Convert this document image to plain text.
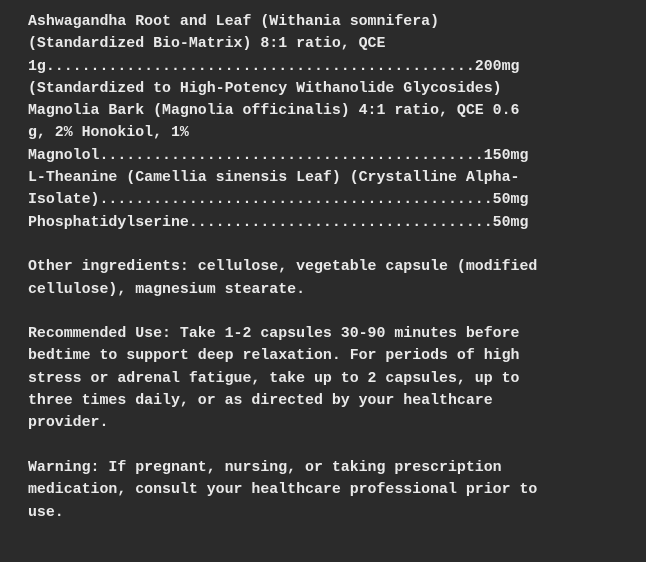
Ashwagandha Root and Leaf (Withania somnifera)
(Standardized Bio-Matrix) 8:1 ratio, QCE
1g................................................200mg
(Standardized to High-Potency Withanolide Glycosides)
Magnolia Bark (Magnolia officinalis) 4:1 ratio, QCE 0.6
g, 2% Honokiol, 1%
Magnolol...........................................150mg
L-Theanine (Camellia sinensis Leaf) (Crystalline Alpha-
Isolate)............................................50mg
Phosphatidylserine..................................50mg
Other ingredients: cellulose, vegetable capsule (modified
cellulose), magnesium stearate.
Recommended Use: Take 1-2 capsules 30-90 minutes before
bedtime to support deep relaxation. For periods of high
stress or adrenal fatigue, take up to 2 capsules, up to
three times daily, or as directed by your healthcare
provider.
Warning: If pregnant, nursing, or taking prescription
medication, consult your healthcare professional prior to
use.
